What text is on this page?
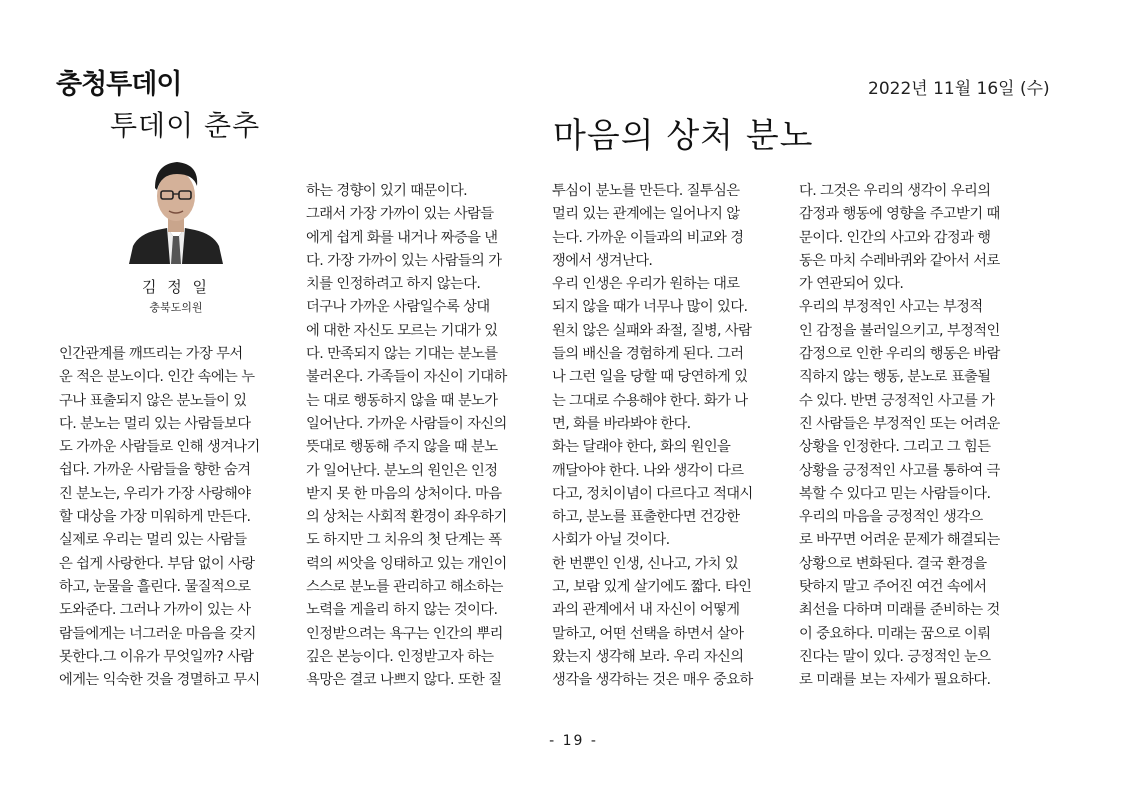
충청투데이
투데이 춘추
2022년 11월 16일 (수)
마음의 상처 분노
김 정 일
충북도의원
인간관계를 깨뜨리는 가장 무서
운 적은 분노이다. 인간 속에는 누
구나 표출되지 않은 분노들이 있
다. 분노는 멀리 있는 사람들보다
도 가까운 사람들로 인해 생겨나기
쉽다. 가까운 사람들을 향한 숨겨
진 분노는, 우리가 가장 사랑해야
할 대상을 가장 미워하게 만든다.
실제로 우리는 멀리 있는 사람들
은 쉽게 사랑한다. 부담 없이 사랑
하고, 눈물을 흘린다. 물질적으로
도와준다. 그러나 가까이 있는 사
람들에게는 너그러운 마음을 갖지
못한다.그 이유가 무엇일까? 사람
에게는 익숙한 것을 경멸하고 무시
하는 경향이 있기 때문이다.
그래서 가장 가까이 있는 사람들
에게 쉽게 화를 내거나 짜증을 낸
다. 가장 가까이 있는 사람들의 가
치를 인정하려고 하지 않는다.
더구나 가까운 사람일수록 상대
에 대한 자신도 모르는 기대가 있
다. 만족되지 않는 기대는 분노를
불러온다. 가족들이 자신이 기대하
는 대로 행동하지 않을 때 분노가
일어난다. 가까운 사람들이 자신의
뜻대로 행동해 주지 않을 때 분노
가 일어난다. 분노의 원인은 인정
받지 못 한 마음의 상처이다. 마음
의 상처는 사회적 환경이 좌우하기
도 하지만 그 치유의 첫 단계는 폭
력의 씨앗을 잉태하고 있는 개인이
스스로 분노를 관리하고 해소하는
노력을 게을리 하지 않는 것이다.
인정받으려는 욕구는 인간의 뿌리
깊은 본능이다. 인정받고자 하는
욕망은 결코 나쁘지 않다. 또한 질
투심이 분노를 만든다. 질투심은
멀리 있는 관계에는 일어나지 않
는다. 가까운 이들과의 비교와 경
쟁에서 생겨난다.
우리 인생은 우리가 원하는 대로
되지 않을 때가 너무나 많이 있다.
원치 않은 실패와 좌절, 질병, 사람
들의 배신을 경험하게 된다. 그러
나 그런 일을 당할 때 당연하게 있
는 그대로 수용해야 한다. 화가 나
면, 화를 바라봐야 한다.
화는 달래야 한다, 화의 원인을
깨달아야 한다. 나와 생각이 다르
다고, 정치이념이 다르다고 적대시
하고, 분노를 표출한다면 건강한
사회가 아닐 것이다.
한 번뿐인 인생, 신나고, 가치 있
고, 보람 있게 살기에도 짧다. 타인
과의 관계에서 내 자신이 어떻게
말하고, 어떤 선택을 하면서 살아
왔는지 생각해 보라. 우리 자신의
생각을 생각하는 것은 매우 중요하
다. 그것은 우리의 생각이 우리의
감정과 행동에 영향을 주고받기 때
문이다. 인간의 사고와 감정과 행
동은 마치 수레바퀴와 같아서 서로
가 연관되어 있다.
우리의 부정적인 사고는 부정적
인 감정을 불러일으키고, 부정적인
감정으로 인한 우리의 행동은 바람
직하지 않는 행동, 분노로 표출될
수 있다. 반면 긍정적인 사고를 가
진 사람들은 부정적인 또는 어려운
상황을 인정한다. 그리고 그 힘든
상황을 긍정적인 사고를 통하여 극
복할 수 있다고 믿는 사람들이다.
우리의 마음을 긍정적인 생각으
로 바꾸면 어려운 문제가 해결되는
상황으로 변화된다. 결국 환경을
탓하지 말고 주어진 여건 속에서
최선을 다하며 미래를 준비하는 것
이 중요하다. 미래는 꿈으로 이뤄
진다는 말이 있다. 긍정적인 눈으
로 미래를 보는 자세가 필요하다.
- 19 -
